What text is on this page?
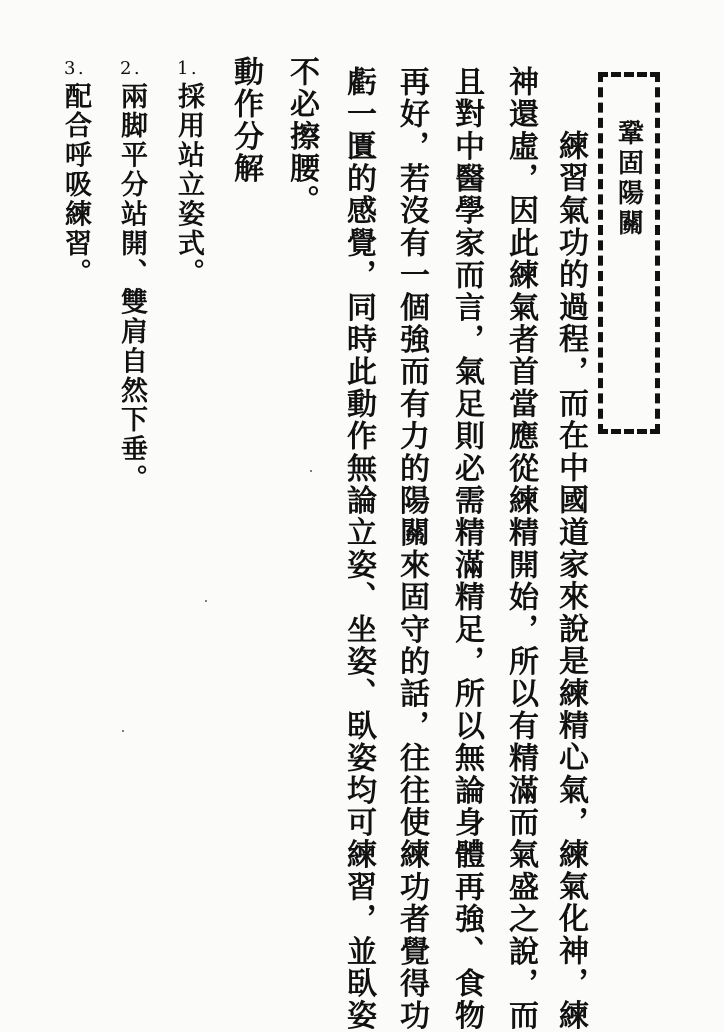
鞏固陽關
練習氣功的過程，而在中國道家來說是練精心氣，練氣化神，練
神還虛，因此練氣者首當應從練精開始，所以有精滿而氣盛之說，而
且對中醫學家而言，氣足則必需精滿精足，所以無論身體再強、食物
再好，若沒有一個強而有力的陽關來固守的話，往往使練功者覺得功
虧一匱的感覺，同時此動作無論立姿、坐姿、臥姿均可練習，並臥姿
不必擦腰。
動作分解
1.採用站立姿式。
2.兩脚平分站開、雙肩自然下垂。
3.配合呼吸練習。
